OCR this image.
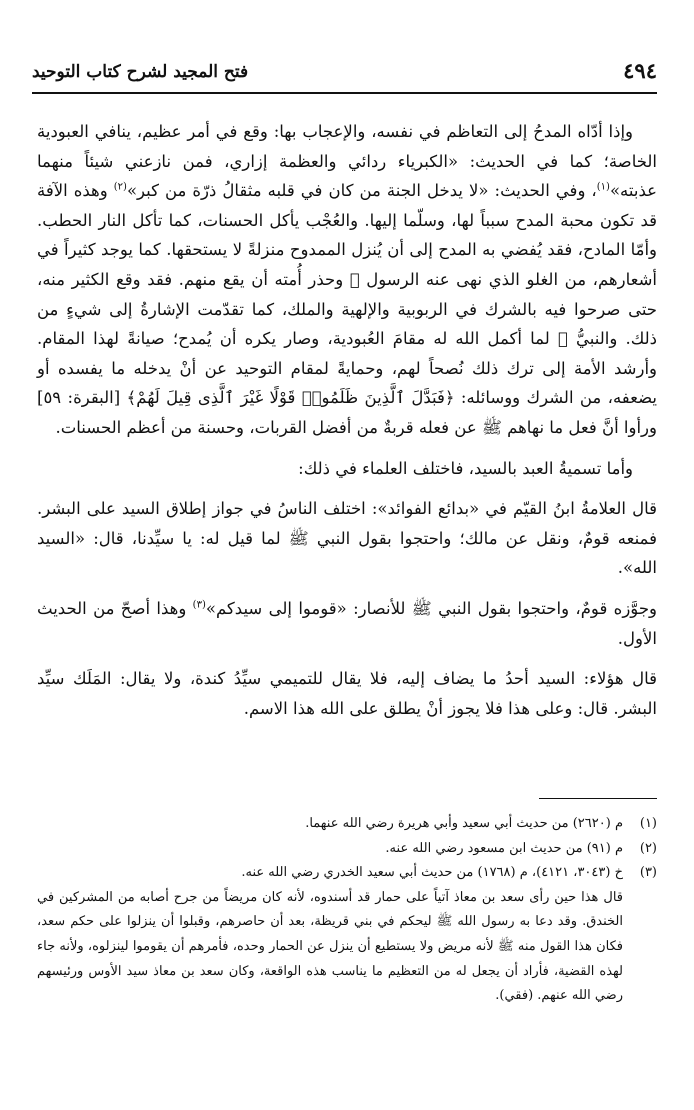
٤٩٤
فتح المجيد لشرح كتاب التوحيد

وإذا أدّاه المدحُ إلى التعاظم في نفسه، والإعجاب بها: وقع في أمر عظيم، ينافي العبودية الخاصة؛ كما في الحديث: «الكبرياء ردائي والعظمة إزاري، فمن نازعني شيئاً منهما عذبته»$^{(١)}$، وفي الحديث: «لا يدخل الجنة من كان في قلبه مثقالُ ذرّة من كبر»$^{(٢)}$ وهذه الآفة قد تكون محبة المدح سبباً لها، وسلّما إليها. والعُجْب يأكل الحسنات، كما تأكل النار الحطب. وأمّا المادح، فقد يُفضي به المدح إلى أن يُنزل الممدوح منزلةً لا يستحقها. كما يوجد كثيراً في أشعارهم، من الغلو الذي نهى عنه الرسول ﷺ وحذر أُمته أن يقع منهم. فقد وقع الكثير منه، حتى صرحوا فيه بالشرك في الربوبية والإلهية والملك، كما تقدّمت الإشارةُ إلى شيءٍ من ذلك. والنبيُّ ﷺ لما أكمل الله له مقامَ العُبودية، وصار يكره أن يُمدح؛ صيانةً لهذا المقام. وأرشد الأمة إلى ترك ذلك نُصحاً لهم، وحمايةً لمقام التوحيد عن أنْ يدخله ما يفسده أو يضعفه، من الشرك ووسائله: ﴿فَبَدَّلَ ٱلَّذِينَ ظَلَمُوا۟ قَوْلًا غَيْرَ ٱلَّذِى قِيلَ لَهُمْ﴾ [البقرة: ٥٩] ورأوا أنَّ فعل ما نهاهم ﷺ عن فعله قربةٌ من أفضل القربات، وحسنة من أعظم الحسنات.

وأما تسميةُ العبد بالسيد، فاختلف العلماء في ذلك:

قال العلامةُ ابنُ القيّم في «بدائع الفوائد»: اختلف الناسُ في جواز إطلاق السيد على البشر. فمنعه قومٌ، ونقل عن مالك؛ واحتجوا بقول النبي ﷺ لما قيل له: يا سيِّدنا، قال: «السيد الله».

وجوَّزه قومٌ، واحتجوا بقول النبي ﷺ للأنصار: «قوموا إلى سيدكم»$^{(٣)}$ وهذا أصحّ من الحديث الأول.

قال هؤلاء: السيد أحدُ ما يضاف إليه، فلا يقال للتميمي سيِّدُ كندة، ولا يقال: المَلَك سيِّد البشر. قال: وعلى هذا فلا يجوز أنْ يطلق على الله هذا الاسم.

(١)
م (٢٦٢٠) من حديث أبي سعيد وأبي هريرة رضي الله عنهما.
(٢)
م (٩١) من حديث ابن مسعود رضي الله عنه.
(٣)

خ (٣٠٤٣، ٤١٢١)، م (١٧٦٨) من حديث أبي سعيد الخدري رضي الله عنه.

قال هذا حين رأى سعد بن معاذ آتياً على حمار قد أسندوه، لأنه كان مريضاً من جرح أصابه من المشركين في الخندق. وقد دعا به رسول الله ﷺ ليحكم في بني قريظة، بعد أن حاصرهم، وقبلوا أن ينزلوا على حكم سعد، فكان هذا القول منه ﷺ لأنه مريض ولا يستطيع أن ينزل عن الحمار وحده، فأمرهم أن يقوموا لينزلوه، ولأنه جاء لهذه القضية، فأراد أن يجعل له من التعظيم ما يناسب هذه الواقعة، وكان سعد بن معاذ سيد الأوس ورئيسهم رضي الله عنهم. (فقي).
